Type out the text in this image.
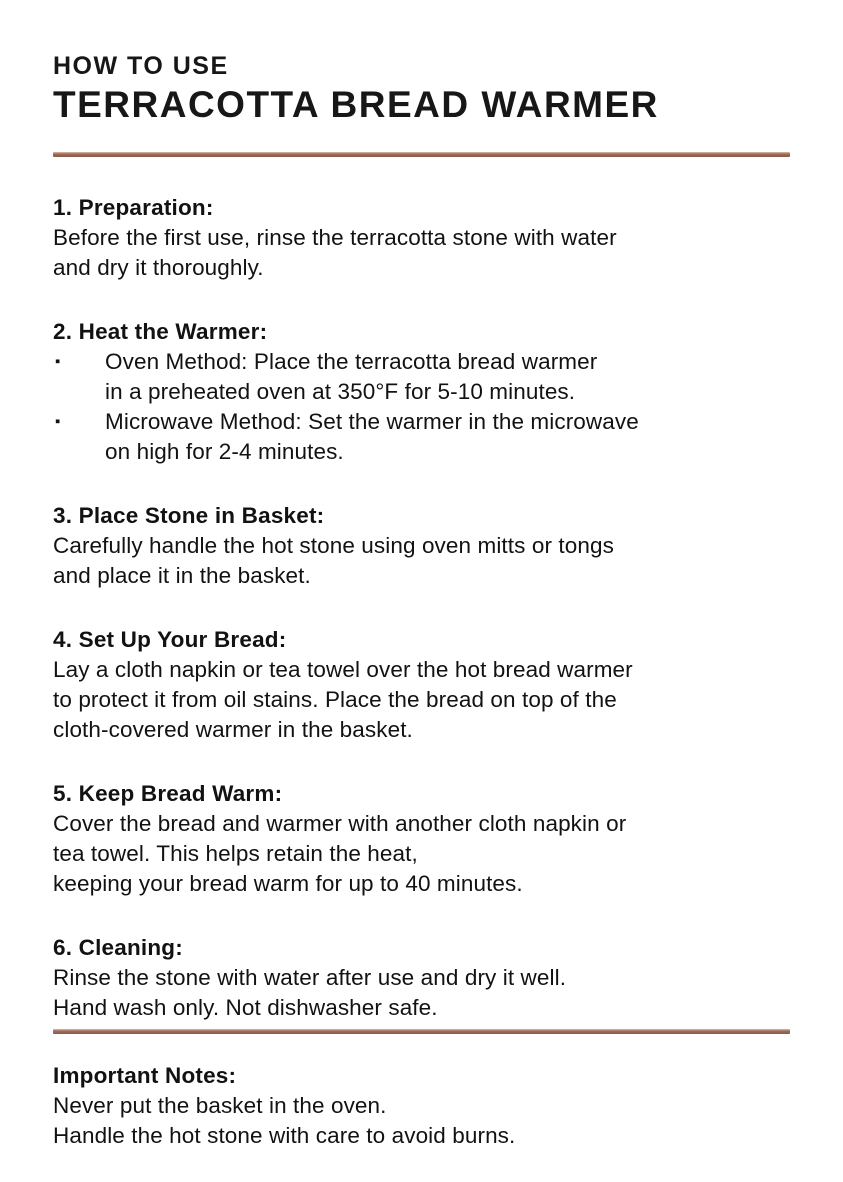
HOW TO USE
TERRACOTTA BREAD WARMER
1. Preparation:
Before the first use, rinse the terracotta stone with water
and dry it thoroughly.
2. Heat the Warmer:
▪ Oven Method: Place the terracotta bread warmer
in a preheated oven at 350°F for 5-10 minutes.
▪ Microwave Method: Set the warmer in the microwave
on high for 2-4 minutes.
3. Place Stone in Basket:
Carefully handle the hot stone using oven mitts or tongs
and place it in the basket.
4. Set Up Your Bread:
Lay a cloth napkin or tea towel over the hot bread warmer
to protect it from oil stains. Place the bread on top of the
cloth-covered warmer in the basket.
5. Keep Bread Warm:
Cover the bread and warmer with another cloth napkin or
tea towel. This helps retain the heat,
keeping your bread warm for up to 40 minutes.
6. Cleaning:
Rinse the stone with water after use and dry it well.
Hand wash only. Not dishwasher safe.
Important Notes:
Never put the basket in the oven.
Handle the hot stone with care to avoid burns.
